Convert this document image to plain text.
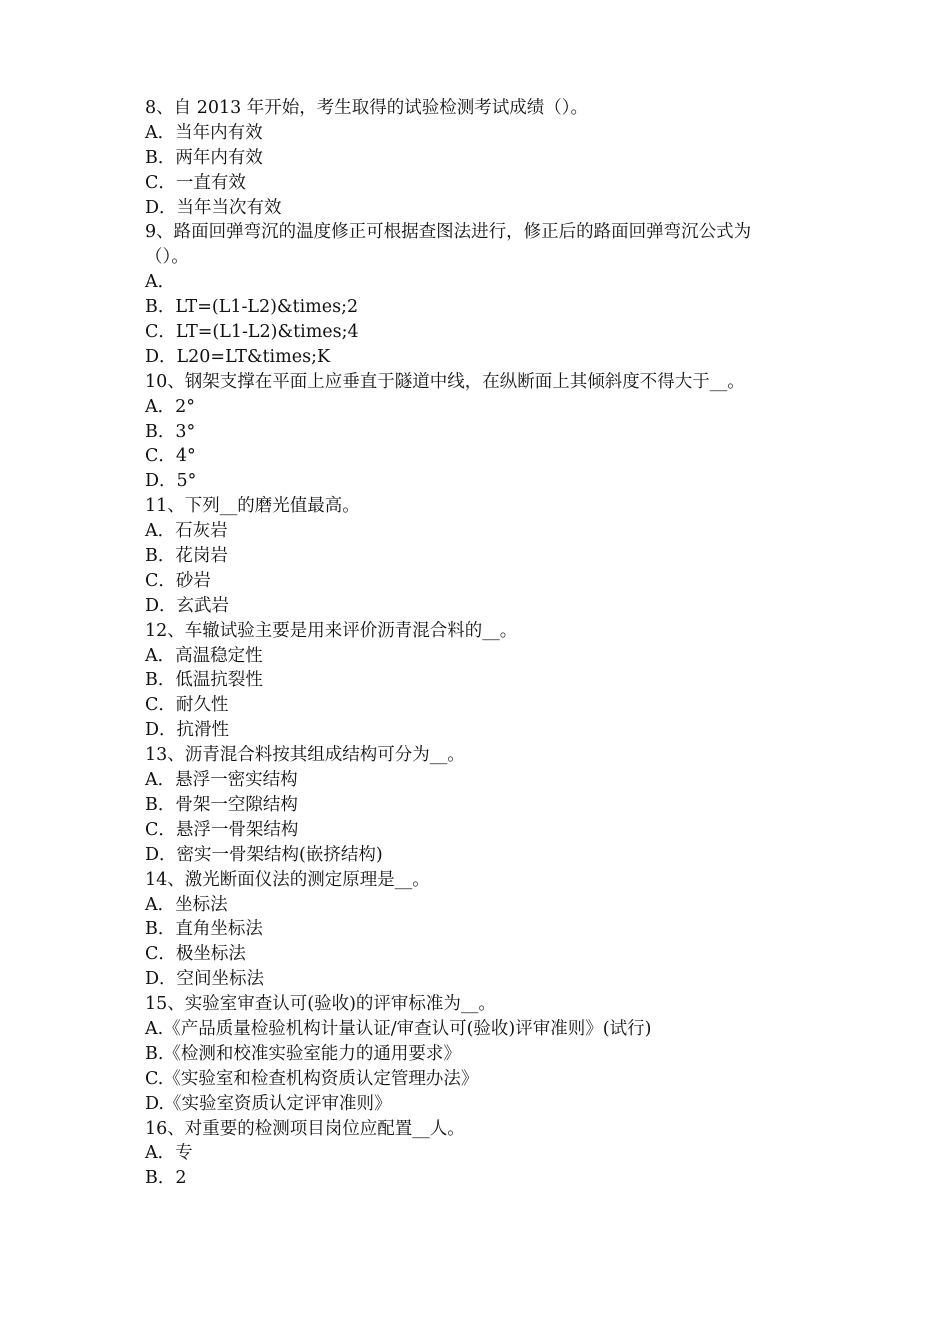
8、自 2013 年开始，考生取得的试验检测考试成绩（）。
A．当年内有效
B．两年内有效
C．一直有效
D．当年当次有效
9、路面回弹弯沉的温度修正可根据查图法进行，修正后的路面回弹弯沉公式为
（）。
A．
B．LT=(L1-L2)&times;2
C．LT=(L1-L2)&times;4
D．L20=LT&times;K
10、钢架支撑在平面上应垂直于隧道中线，在纵断面上其倾斜度不得大于__。
A．2°
B．3°
C．4°
D．5°
11、下列__的磨光值最高。
A．石灰岩
B．花岗岩
C．砂岩
D．玄武岩
12、车辙试验主要是用来评价沥青混合料的__。
A．高温稳定性
B．低温抗裂性
C．耐久性
D．抗滑性
13、沥青混合料按其组成结构可分为__。
A．悬浮一密实结构
B．骨架一空隙结构
C．悬浮一骨架结构
D．密实一骨架结构(嵌挤结构)
14、激光断面仪法的测定原理是__。
A．坐标法
B．直角坐标法
C．极坐标法
D．空间坐标法
15、实验室审查认可(验收)的评审标准为__。
A.《产品质量检验机构计量认证/审查认可(验收)评审准则》(试行)
B.《检测和校准实验室能力的通用要求》
C.《实验室和检查机构资质认定管理办法》
D.《实验室资质认定评审准则》
16、对重要的检测项目岗位应配置__人。
A．专
B．2
